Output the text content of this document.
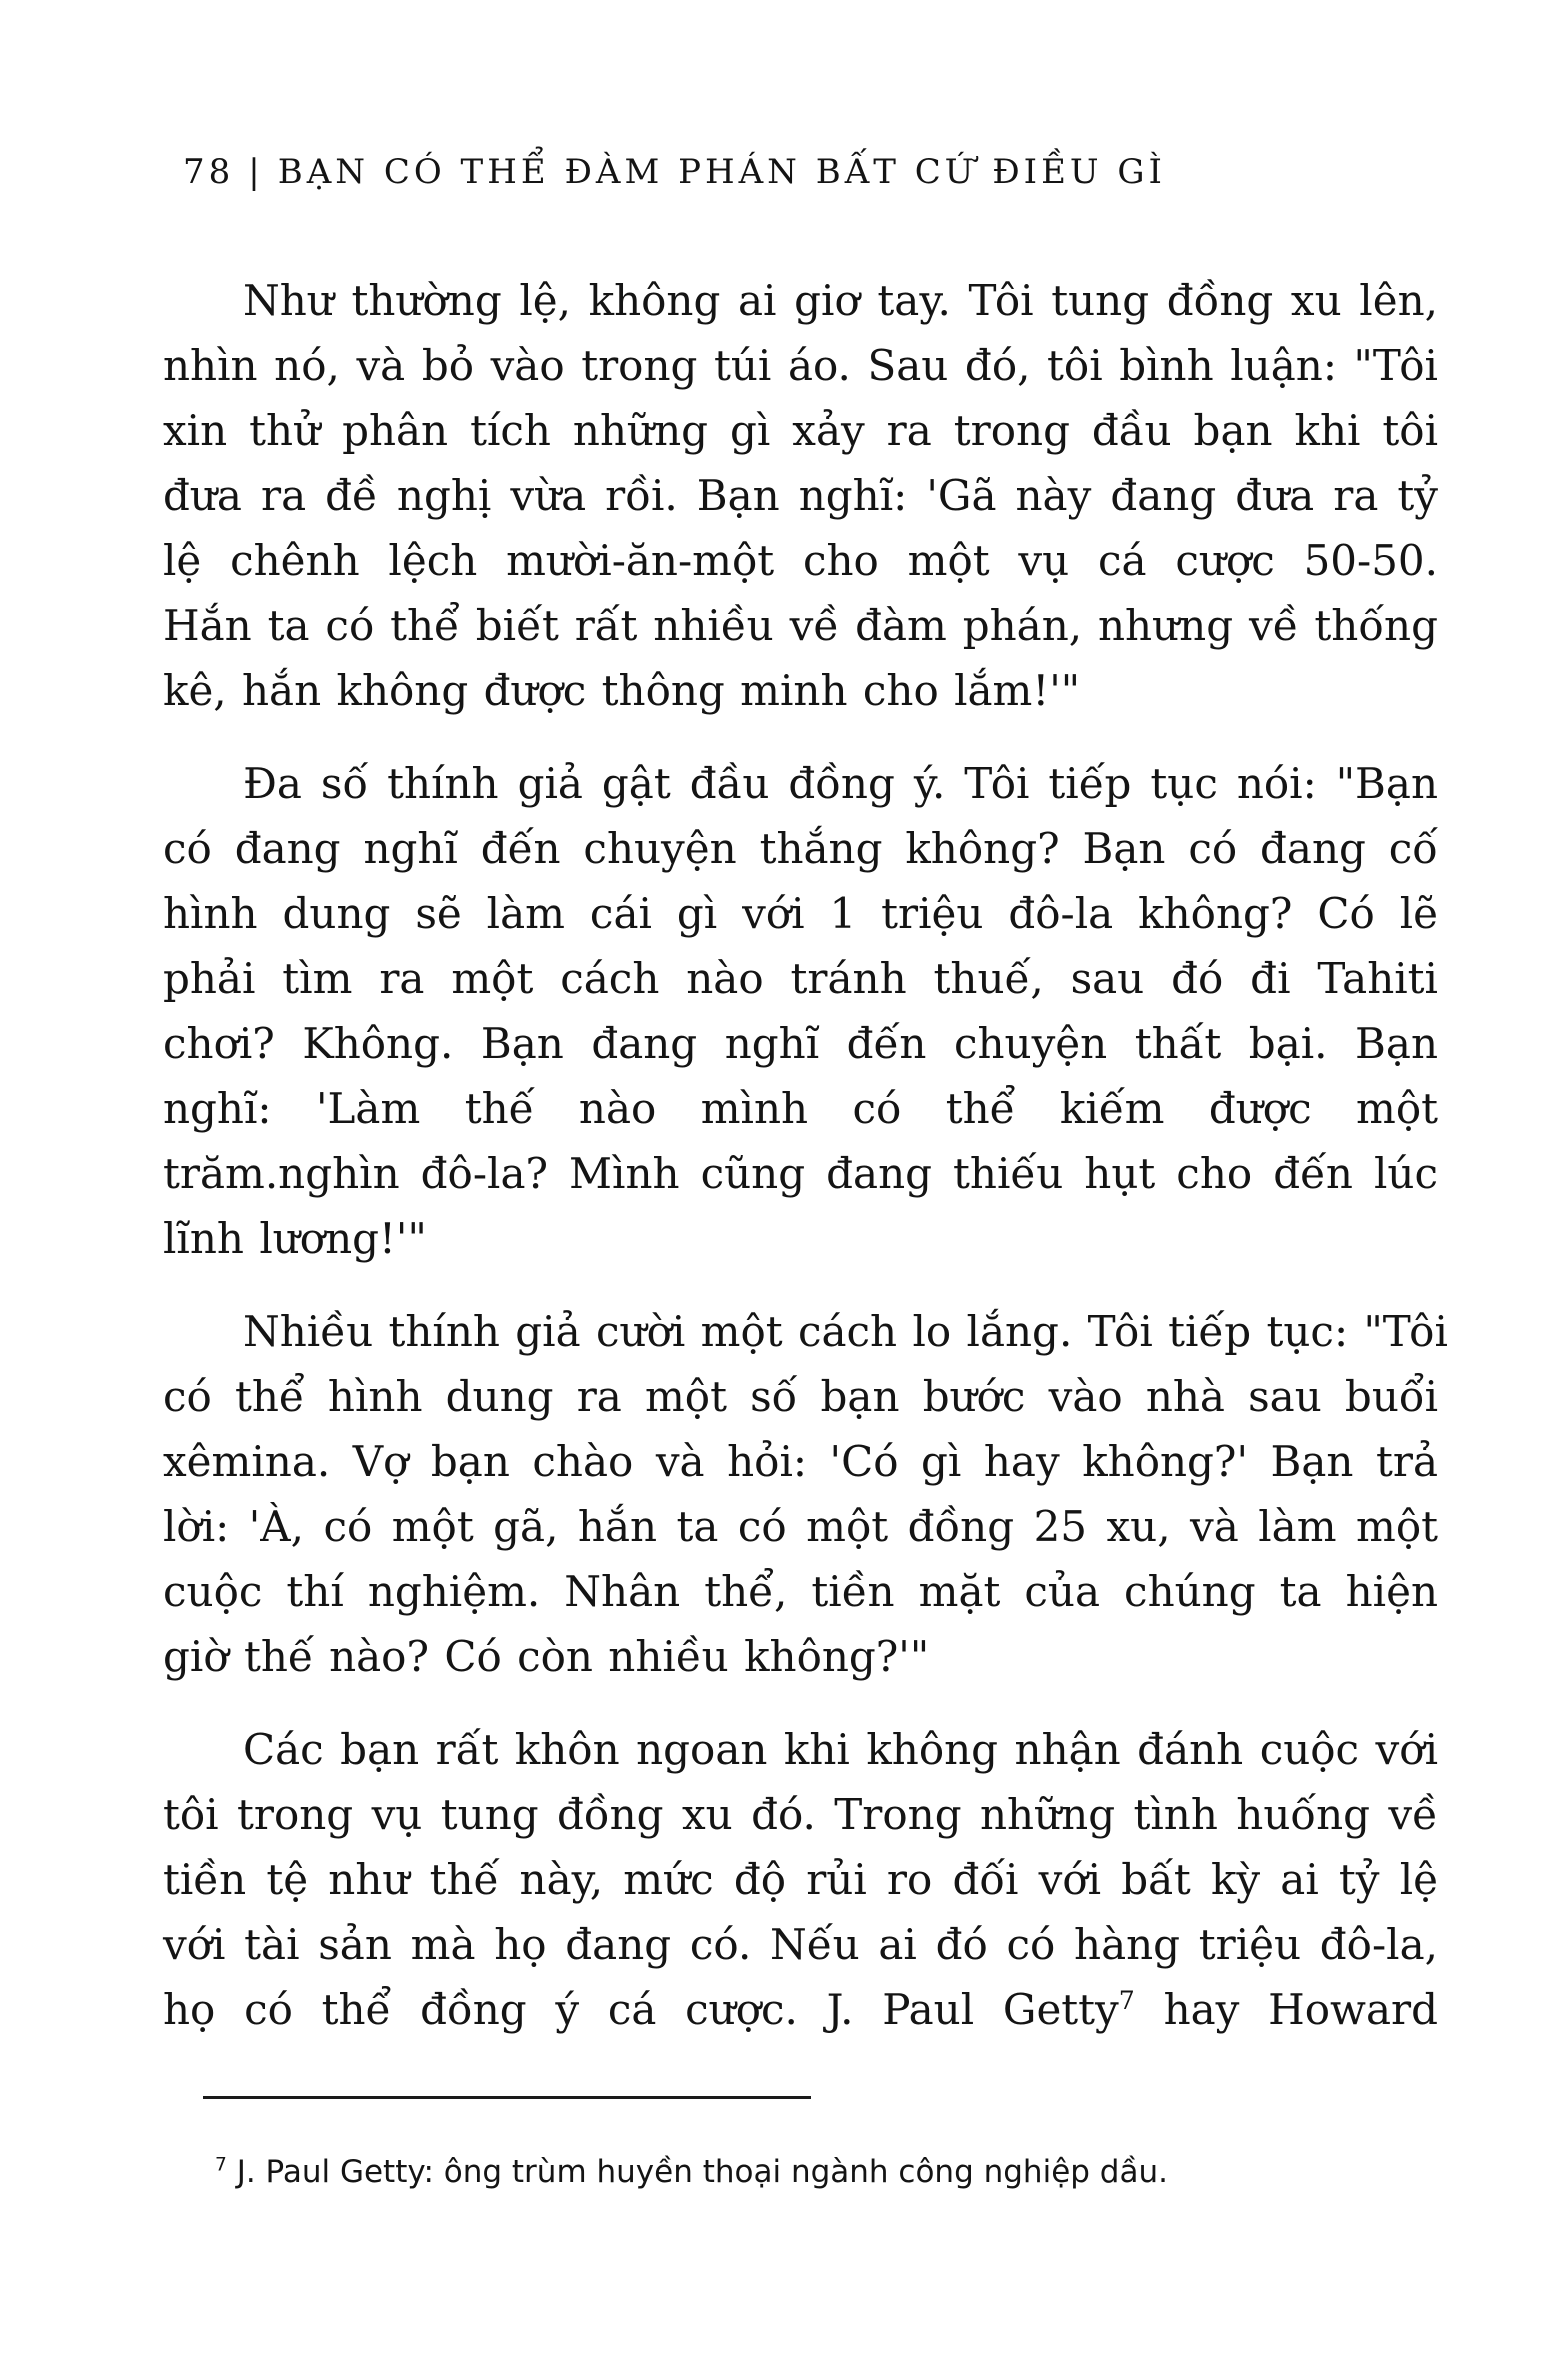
78 | BẠN CÓ THỂ ĐÀM PHÁN BẤT CỨ ĐIỀU GÌ
Như thường lệ, không ai giơ tay. Tôi tung đồng xu lên,
nhìn nó, và bỏ vào trong túi áo. Sau đó, tôi bình luận: "Tôi
xin thử phân tích những gì xảy ra trong đầu bạn khi tôi
đưa ra đề nghị vừa rồi. Bạn nghĩ: 'Gã này đang đưa ra tỷ
lệ chênh lệch mười-ăn-một cho một vụ cá cược 50-50.
Hắn ta có thể biết rất nhiều về đàm phán, nhưng về thống
kê, hắn không được thông minh cho lắm!'"
Đa số thính giả gật đầu đồng ý. Tôi tiếp tục nói: "Bạn
có đang nghĩ đến chuyện thắng không? Bạn có đang cố
hình dung sẽ làm cái gì với 1 triệu đô-la không? Có lẽ
phải tìm ra một cách nào tránh thuế, sau đó đi Tahiti
chơi? Không. Bạn đang nghĩ đến chuyện thất bại. Bạn
nghĩ: 'Làm thế nào mình có thể kiếm được một
trăm.nghìn đô-la? Mình cũng đang thiếu hụt cho đến lúc
lĩnh lương!'"
Nhiều thính giả cười một cách lo lắng. Tôi tiếp tục: "Tôi
có thể hình dung ra một số bạn bước vào nhà sau buổi
xêmina. Vợ bạn chào và hỏi: 'Có gì hay không?' Bạn trả
lời: 'À, có một gã, hắn ta có một đồng 25 xu, và làm một
cuộc thí nghiệm. Nhân thể, tiền mặt của chúng ta hiện
giờ thế nào? Có còn nhiều không?'"
Các bạn rất khôn ngoan khi không nhận đánh cuộc với
tôi trong vụ tung đồng xu đó. Trong những tình huống về
tiền tệ như thế này, mức độ rủi ro đối với bất kỳ ai tỷ lệ
với tài sản mà họ đang có. Nếu ai đó có hàng triệu đô-la,
họ có thể đồng ý cá cược. J. Paul Getty$^7$ hay Howard
$^7$ J. Paul Getty: ông trùm huyền thoại ngành công nghiệp dầu.
